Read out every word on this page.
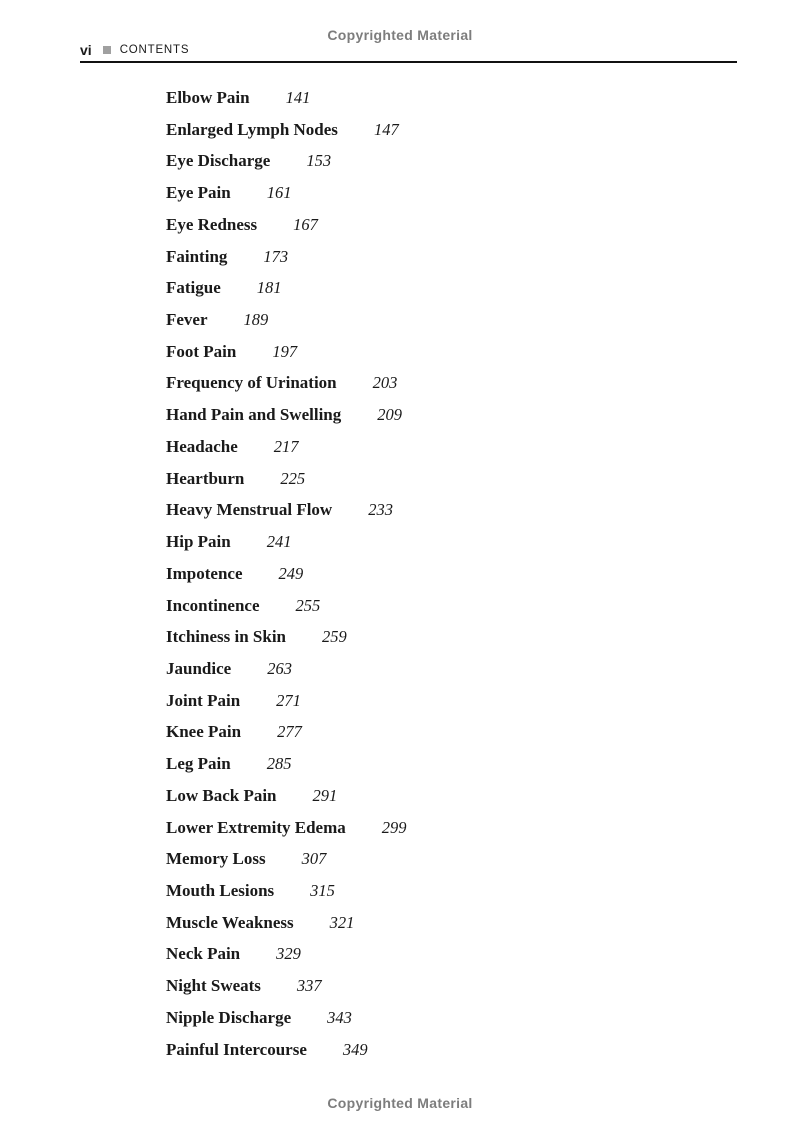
Copyrighted Material
vi CONTENTS
Elbow Pain 141
Enlarged Lymph Nodes 147
Eye Discharge 153
Eye Pain 161
Eye Redness 167
Fainting 173
Fatigue 181
Fever 189
Foot Pain 197
Frequency of Urination 203
Hand Pain and Swelling 209
Headache 217
Heartburn 225
Heavy Menstrual Flow 233
Hip Pain 241
Impotence 249
Incontinence 255
Itchiness in Skin 259
Jaundice 263
Joint Pain 271
Knee Pain 277
Leg Pain 285
Low Back Pain 291
Lower Extremity Edema 299
Memory Loss 307
Mouth Lesions 315
Muscle Weakness 321
Neck Pain 329
Night Sweats 337
Nipple Discharge 343
Painful Intercourse 349
Copyrighted Material
